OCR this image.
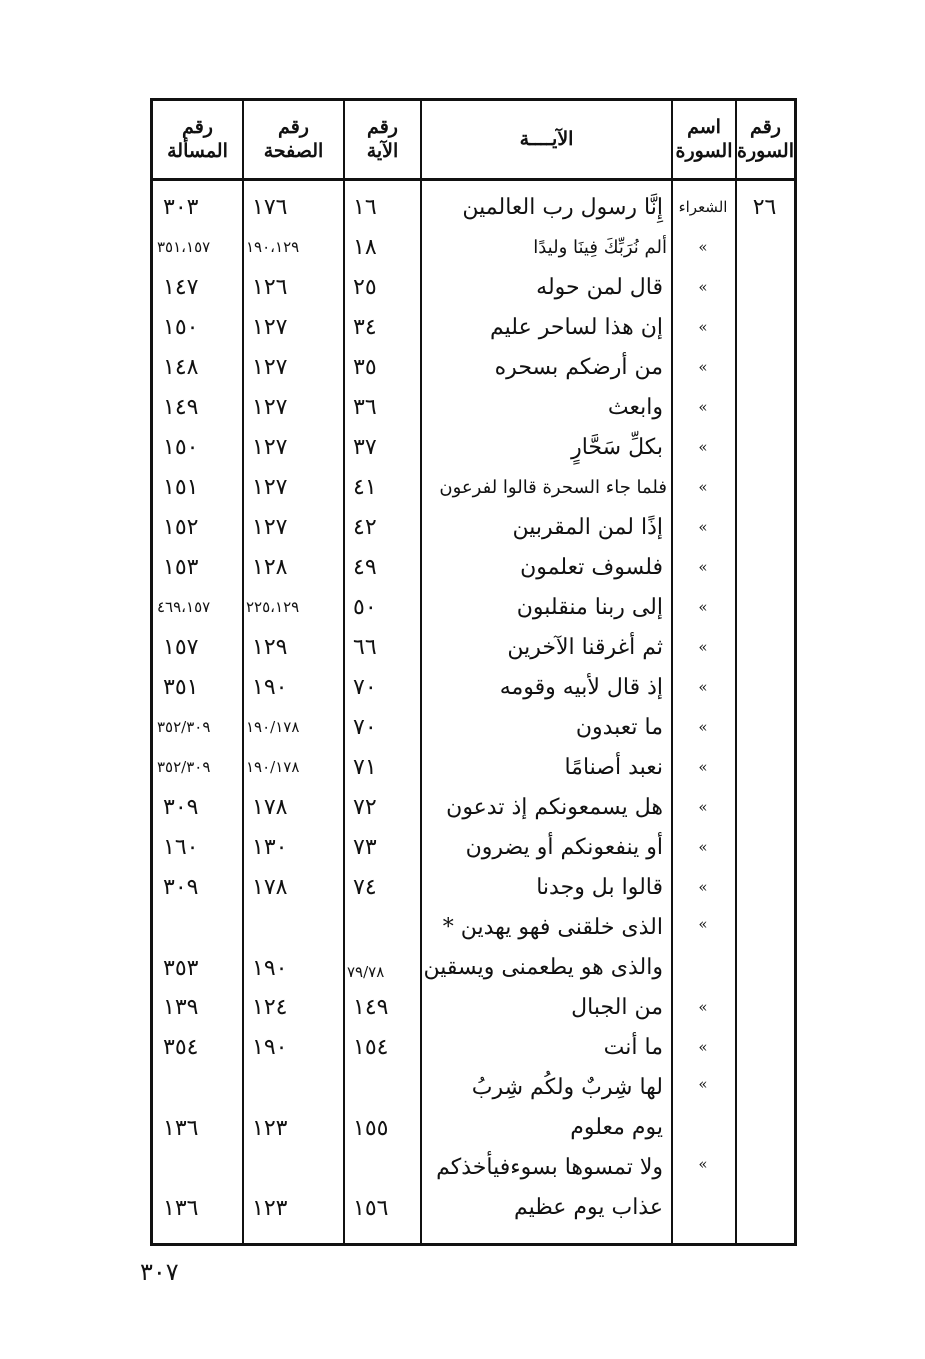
رقم
السورة
اسم
السورة
الآيــــة
رقم
الآية
رقم
الصفحة
رقم
المسألة
٢٦
الشعراء
إِنَّا رسول رب العالمين
١٦
١٧٦
٣٠٣
»
ألم نُرَبِّكَ فِينَا وليدًا
١٨
١٩٠،١٢٩
٣٥١،١٥٧
»
قال لمن حوله
٢٥
١٢٦
١٤٧
»
إن هذا لساحر عليم
٣٤
١٢٧
١٥٠
»
من أرضكم بسحره
٣٥
١٢٧
١٤٨
»
وابعث
٣٦
١٢٧
١٤٩
»
بكلِّ سَحَّارٍ
٣٧
١٢٧
١٥٠
»
فلما جاء السحرة قالوا لفرعون
٤١
١٢٧
١٥١
»
إذًا لمن المقربين
٤٢
١٢٧
١٥٢
»
فلسوف تعلمون
٤٩
١٢٨
١٥٣
»
إلى ربنا منقلبون
٥٠
٢٢٥،١٢٩
٤٦٩،١٥٧
»
ثم أغرقنا الآخرين
٦٦
١٢٩
١٥٧
»
إذ قال لأبيه وقومه
٧٠
١٩٠
٣٥١
»
ما تعبدون
٧٠
١٩٠/١٧٨
٣٥٢/٣٠٩
»
نعبد أصنامًا
٧١
١٩٠/١٧٨
٣٥٢/٣٠٩
»
هل يسمعونكم إذ تدعون
٧٢
١٧٨
٣٠٩
»
أو ينفعونكم أو يضرون
٧٣
١٣٠
١٦٠
»
قالوا بل وجدنا
٧٤
١٧٨
٣٠٩
»
الذى خلقنى فهو يهدين *
والذى هو يطعمنى ويسقين
٧٩/٧٨
١٩٠
٣٥٣
»
من الجبال
١٤٩
١٢٤
١٣٩
»
ما أنت
١٥٤
١٩٠
٣٥٤
»
لها شِربٌ ولكُم شِربُ
يوم معلوم
١٥٥
١٢٣
١٣٦
»
ولا تمسوها بسوءفيأخذكم
عذاب يوم عظيم
١٥٦
١٢٣
١٣٦
٣٠٧
